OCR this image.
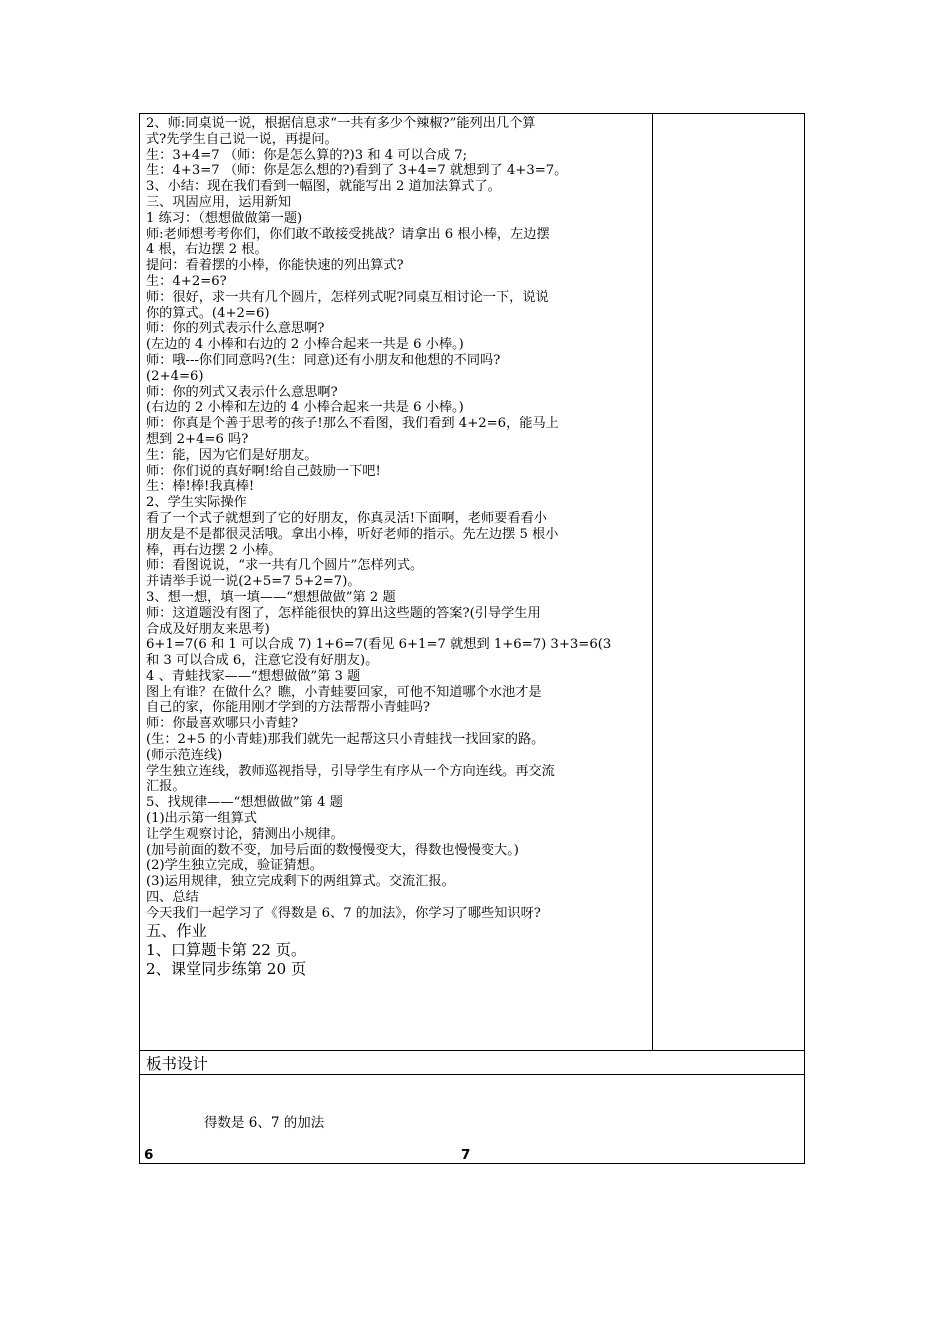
2、师:同桌说一说，根据信息求“一共有多少个辣椒?”能列出几个算
式?先学生自己说一说，再提问。
生：3+4=7 （师：你是怎么算的?)3 和 4 可以合成 7;
生：4+3=7 （师：你是怎么想的?)看到了 3+4=7 就想到了 4+3=7。
3、小结：现在我们看到一幅图，就能写出 2 道加法算式了。
三、巩固应用，运用新知
1 练习：（想想做做第一题)
师:老师想考考你们，你们敢不敢接受挑战？请拿出 6 根小棒，左边摆
4 根，右边摆 2 根。
提问：看着摆的小棒，你能快速的列出算式?
生：4+2=6?
师：很好，求一共有几个圆片，怎样列式呢?同桌互相讨论一下，说说
你的算式。(4+2=6)
师：你的列式表示什么意思啊?
(左边的 4 小棒和右边的 2 小棒合起来一共是 6 小棒。)
师：哦---你们同意吗?(生：同意)还有小朋友和他想的不同吗?
(2+4=6)
师：你的列式又表示什么意思啊?
(右边的 2 小棒和左边的 4 小棒合起来一共是 6 小棒。)
师：你真是个善于思考的孩子!那么不看图，我们看到 4+2=6，能马上
想到 2+4=6 吗?
生：能，因为它们是好朋友。
师：你们说的真好啊!给自己鼓励一下吧!
生：棒!棒!我真棒!
2、学生实际操作
看了一个式子就想到了它的好朋友，你真灵活!下面啊，老师要看看小
朋友是不是都很灵活哦。拿出小棒，听好老师的指示。先左边摆 5 根小
棒，再右边摆 2 小棒。
师：看图说说，“求一共有几个圆片”怎样列式。
并请举手说一说(2+5=7 5+2=7)。
3、想一想，填一填——“想想做做”第 2 题
师：这道题没有图了，怎样能很快的算出这些题的答案?(引导学生用
合成及好朋友来思考)
6+1=7(6 和 1 可以合成 7) 1+6=7(看见 6+1=7 就想到 1+6=7) 3+3=6(3
和 3 可以合成 6，注意它没有好朋友)。
4 、青蛙找家——“想想做做”第 3 题
图上有谁？在做什么？瞧，小青蛙要回家，可他不知道哪个水池才是
自己的家，你能用刚才学到的方法帮帮小青蛙吗?
师：你最喜欢哪只小青蛙?
(生：2+5 的小青蛙)那我们就先一起帮这只小青蛙找一找回家的路。
(师示范连线)
学生独立连线，教师巡视指导，引导学生有序从一个方向连线。再交流
汇报。
5、找规律——“想想做做”第 4 题
(1)出示第一组算式
让学生观察讨论，猜测出小规律。
(加号前面的数不变，加号后面的数慢慢变大，得数也慢慢变大。)
(2)学生独立完成，验证猜想。
(3)运用规律，独立完成剩下的两组算式。交流汇报。
四、总结
今天我们一起学习了《得数是 6、7 的加法》，你学习了哪些知识呀?
五、作业
1、口算题卡第 22 页。
2、课堂同步练第 20 页
板书设计
得数是 6、7 的加法
6	7
